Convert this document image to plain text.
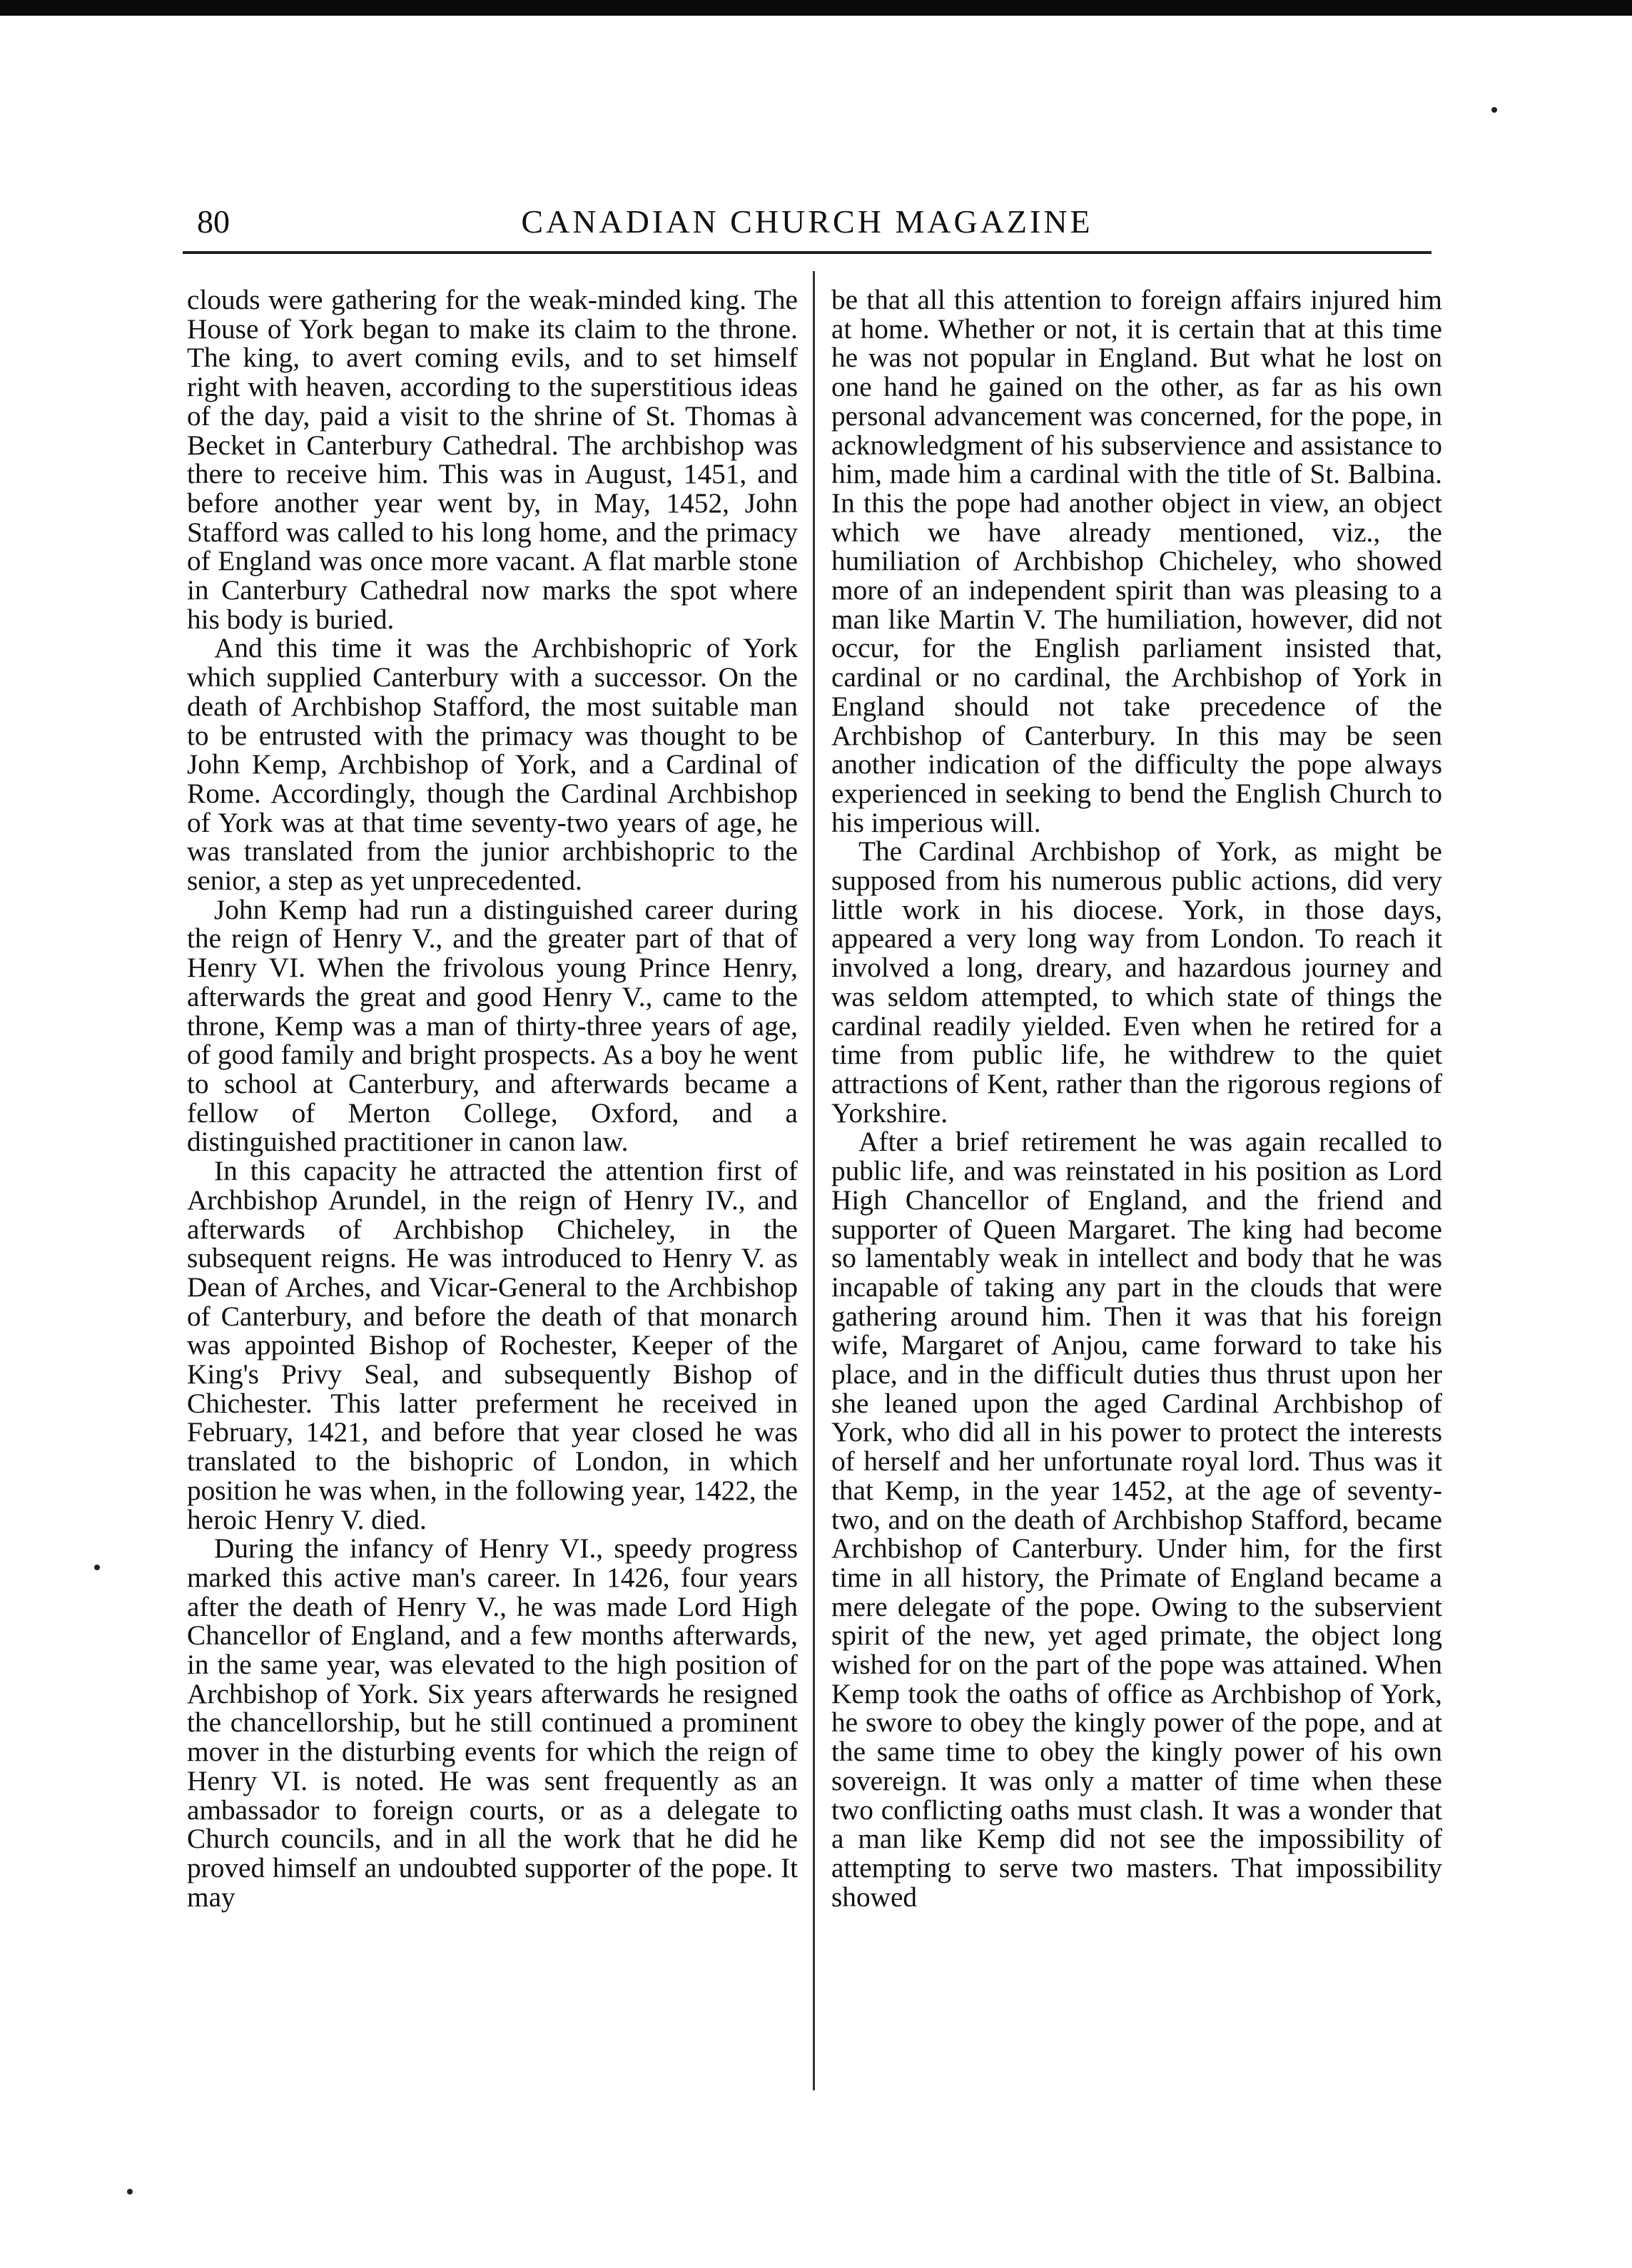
80	CANADIAN CHURCH MAGAZINE

clouds were gathering for the weak-minded king. The House of York began to make its claim to the throne. The king, to avert coming evils, and to set himself right with heaven, according to the superstitious ideas of the day, paid a visit to the shrine of St. Thomas à Becket in Canterbury Cathedral. The archbishop was there to receive him. This was in August, 1451, and before another year went by, in May, 1452, John Stafford was called to his long home, and the primacy of England was once more vacant. A flat marble stone in Canterbury Cathedral now marks the spot where his body is buried.

And this time it was the Archbishopric of York which supplied Canterbury with a successor. On the death of Archbishop Stafford, the most suitable man to be entrusted with the primacy was thought to be John Kemp, Archbishop of York, and a Cardinal of Rome. Accordingly, though the Cardinal Archbishop of York was at that time seventy-two years of age, he was translated from the junior archbishopric to the senior, a step as yet unprecedented.

John Kemp had run a distinguished career during the reign of Henry V., and the greater part of that of Henry VI. When the frivolous young Prince Henry, afterwards the great and good Henry V., came to the throne, Kemp was a man of thirty-three years of age, of good family and bright prospects. As a boy he went to school at Canterbury, and afterwards became a fellow of Merton College, Oxford, and a distinguished practitioner in canon law.

In this capacity he attracted the attention first of Archbishop Arundel, in the reign of Henry IV., and afterwards of Archbishop Chicheley, in the subsequent reigns. He was introduced to Henry V. as Dean of Arches, and Vicar-General to the Archbishop of Canterbury, and before the death of that monarch was appointed Bishop of Rochester, Keeper of the King's Privy Seal, and subsequently Bishop of Chichester. This latter preferment he received in February, 1421, and before that year closed he was translated to the bishopric of London, in which position he was when, in the following year, 1422, the heroic Henry V. died.

During the infancy of Henry VI., speedy progress marked this active man's career. In 1426, four years after the death of Henry V., he was made Lord High Chancellor of England, and a few months afterwards, in the same year, was elevated to the high position of Archbishop of York. Six years afterwards he resigned the chancellorship, but he still continued a prominent mover in the disturbing events for which the reign of Henry VI. is noted. He was sent frequently as an ambassador to foreign courts, or as a delegate to Church councils, and in all the work that he did he proved himself an undoubted supporter of the pope. It may

be that all this attention to foreign affairs injured him at home. Whether or not, it is certain that at this time he was not popular in England. But what he lost on one hand he gained on the other, as far as his own personal advancement was concerned, for the pope, in acknowledgment of his subservience and assistance to him, made him a cardinal with the title of St. Balbina. In this the pope had another object in view, an object which we have already mentioned, viz., the humiliation of Archbishop Chicheley, who showed more of an independent spirit than was pleasing to a man like Martin V. The humiliation, however, did not occur, for the English parliament insisted that, cardinal or no cardinal, the Archbishop of York in England should not take precedence of the Archbishop of Canterbury. In this may be seen another indication of the difficulty the pope always experienced in seeking to bend the English Church to his imperious will.

The Cardinal Archbishop of York, as might be supposed from his numerous public actions, did very little work in his diocese. York, in those days, appeared a very long way from London. To reach it involved a long, dreary, and hazardous journey and was seldom attempted, to which state of things the cardinal readily yielded. Even when he retired for a time from public life, he withdrew to the quiet attractions of Kent, rather than the rigorous regions of Yorkshire.

After a brief retirement he was again recalled to public life, and was reinstated in his position as Lord High Chancellor of England, and the friend and supporter of Queen Margaret. The king had become so lamentably weak in intellect and body that he was incapable of taking any part in the clouds that were gathering around him. Then it was that his foreign wife, Margaret of Anjou, came forward to take his place, and in the difficult duties thus thrust upon her she leaned upon the aged Cardinal Archbishop of York, who did all in his power to protect the interests of herself and her unfortunate royal lord. Thus was it that Kemp, in the year 1452, at the age of seventy-two, and on the death of Archbishop Stafford, became Archbishop of Canterbury. Under him, for the first time in all history, the Primate of England became a mere delegate of the pope. Owing to the subservient spirit of the new, yet aged primate, the object long wished for on the part of the pope was attained. When Kemp took the oaths of office as Archbishop of York, he swore to obey the kingly power of the pope, and at the same time to obey the kingly power of his own sovereign. It was only a matter of time when these two conflicting oaths must clash. It was a wonder that a man like Kemp did not see the impossibility of attempting to serve two masters. That impossibility showed
